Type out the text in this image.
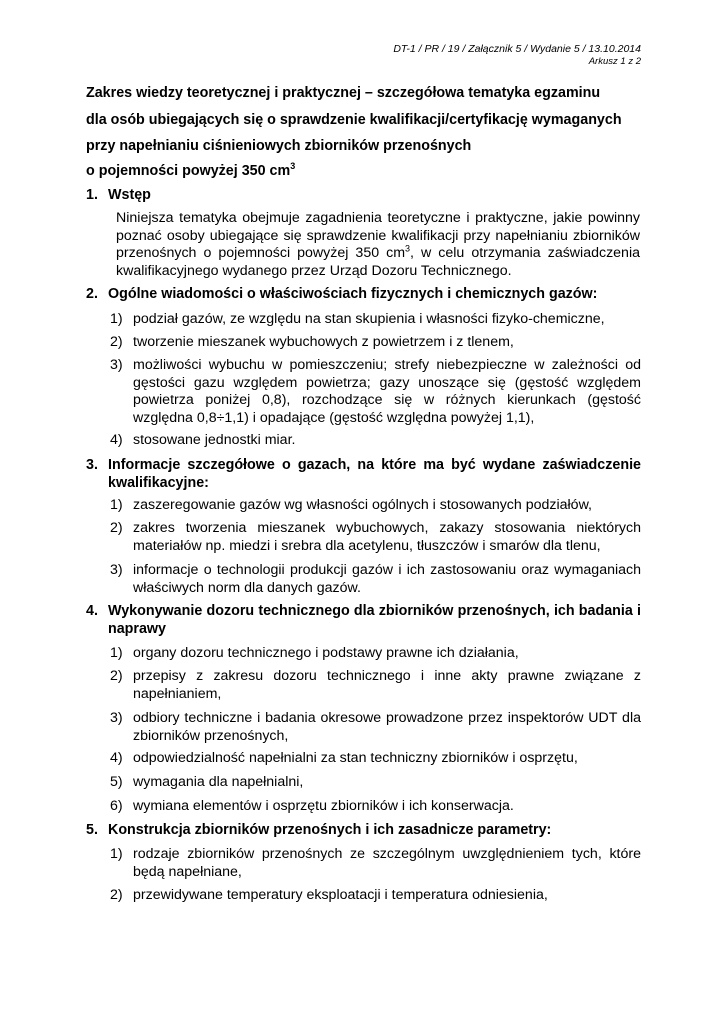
DT-1 / PR / 19 / Załącznik 5 / Wydanie 5 / 13.10.2014
Arkusz 1 z 2
Zakres wiedzy teoretycznej i praktycznej – szczegółowa tematyka egzaminu
dla osób ubiegających się o sprawdzenie kwalifikacji/certyfikację wymaganych
przy napełnianiu ciśnieniowych zbiorników przenośnych
o pojemności powyżej 350 $cm^3$
1. Wstęp
Niniejsza tematyka obejmuje zagadnienia teoretyczne i praktyczne, jakie powinny poznać osoby ubiegające się sprawdzenie kwalifikacji przy napełnianiu zbiorników przenośnych o pojemności powyżej 350 $cm^3$, w celu otrzymania zaświadczenia kwalifikacyjnego wydanego przez Urząd Dozoru Technicznego.
2. Ogólne wiadomości o właściwościach fizycznych i chemicznych gazów:
1) podział gazów, ze względu na stan skupienia i własności fizyko-chemiczne,
2) tworzenie mieszanek wybuchowych z powietrzem i z tlenem,
3) możliwości wybuchu w pomieszczeniu; strefy niebezpieczne w zależności od gęstości gazu względem powietrza; gazy unoszące się (gęstość względem powietrza poniżej 0,8), rozchodzące się w różnych kierunkach (gęstość względna 0,8÷1,1) i opadające (gęstość względna powyżej 1,1),
4) stosowane jednostki miar.
3. Informacje szczegółowe o gazach, na które ma być wydane zaświadczenie kwalifikacyjne:
1) zaszeregowanie gazów wg własności ogólnych i stosowanych podziałów,
2) zakres tworzenia mieszanek wybuchowych, zakazy stosowania niektórych materiałów np. miedzi i srebra dla acetylenu, tłuszczów i smarów dla tlenu,
3) informacje o technologii produkcji gazów i ich zastosowaniu oraz wymaganiach właściwych norm dla danych gazów.
4. Wykonywanie dozoru technicznego dla zbiorników przenośnych, ich badania i naprawy
1) organy dozoru technicznego i podstawy prawne ich działania,
2) przepisy z zakresu dozoru technicznego i inne akty prawne związane z napełnianiem,
3) odbiory techniczne i badania okresowe prowadzone przez inspektorów UDT dla zbiorników przenośnych,
4) odpowiedzialność napełnialni za stan techniczny zbiorników i osprzętu,
5) wymagania dla napełnialni,
6) wymiana elementów i osprzętu zbiorników i ich konserwacja.
5. Konstrukcja zbiorników przenośnych i ich zasadnicze parametry:
1) rodzaje zbiorników przenośnych ze szczególnym uwzględnieniem tych, które będą napełniane,
2) przewidywane temperatury eksploatacji i temperatura odniesienia,
